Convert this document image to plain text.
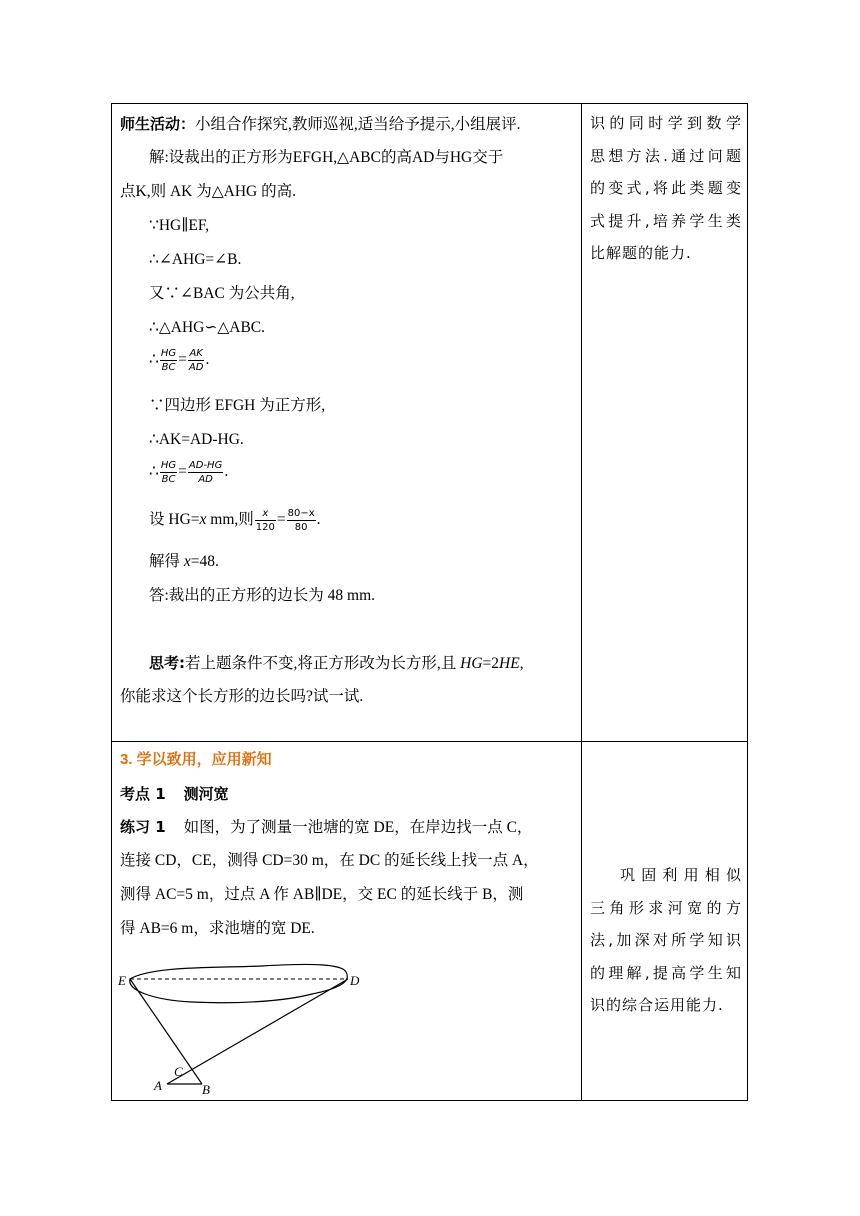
师生活动：小组合作探究,教师巡视,适当给予提示,小组展评.
解:设裁出的正方形为EFGH,△ABC的高AD与HG交于
点K,则 AK 为△AHG 的高.
∵HG∥EF,
∴∠AHG=∠B.
又∵∠BAC 为公共角,
∴△AHG∽△ABC.
∴ $\frac{HG}{BC} = \frac{AK}{AD}$ .
∵四边形 EFGH 为正方形,
∴AK=AD-HG.
∴ $\frac{HG}{BC} = \frac{AD-HG}{AD}$ .
设 HG=x mm,则 $\frac{x}{120} = \frac{80-x}{80}$ .
解得 x=48.
答:裁出的正方形的边长为 48 mm.
思考:若上题条件不变,将正方形改为长方形,且 HG=2HE,
你能求这个长方形的边长吗?试一试.
识的同时学到数学
思想方法.通过问题
的变式,将此类题变
式提升,培养学生类
比解题的能力.
3. 学以致用，应用新知
考点 1 测河宽
练习 1 如图，为了测量一池塘的宽 DE，在岸边找一点 C，
连接 CD，CE，测得 CD=30 m，在 DC 的延长线上找一点 A，
测得 AC=5 m，过点 A 作 AB∥DE，交 EC 的延长线于 B，测
得 AB=6 m，求池塘的宽 DE.
E	D
C
A	B
巩固利用相似
三角形求河宽的方
法,加深对所学知识
的理解,提高学生知
识的综合运用能力.
